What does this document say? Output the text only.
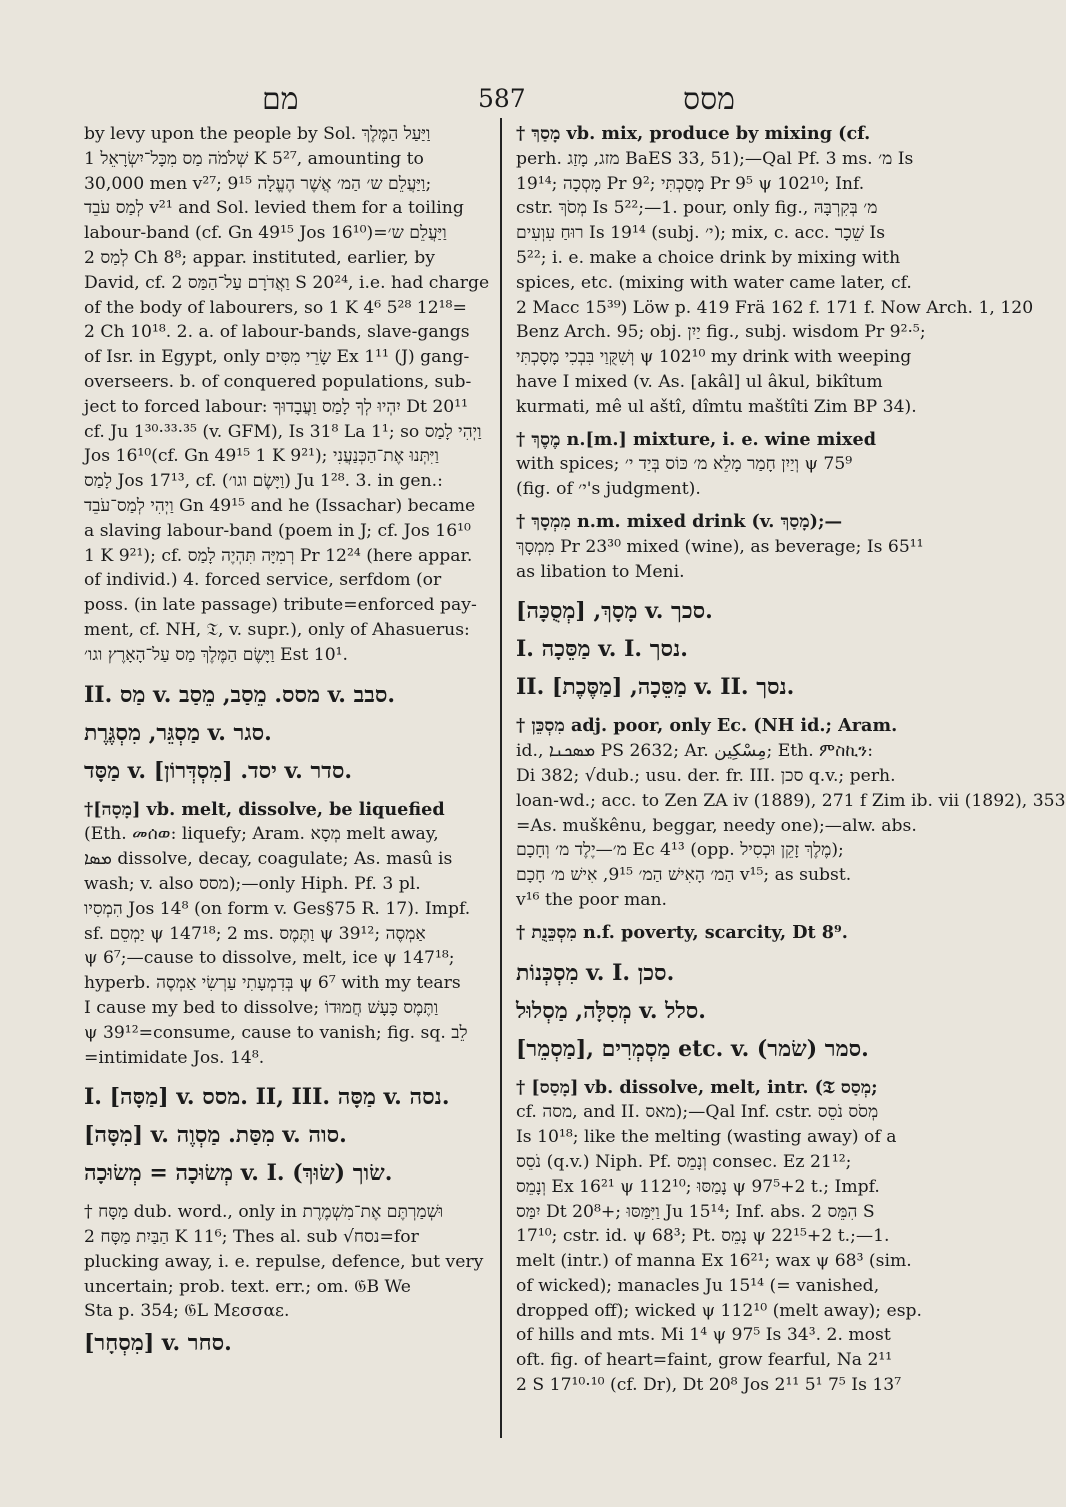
מם	587	מסס
by levy upon the people by Sol. וַיַּעַל הַמֶּלֶךְ
שְׁלֹמֹה מַס מִכָּל־יִשְׂרָאֵל 1 K 5²⁷, amounting to
30,000 men v²⁷; וַיַּעֲלֵם ש׳ הַמ׳ אֲשֶׁר הֶעֱלָה 9¹⁵;
לְמַס עֹבֵד v²¹ and Sol. levied them for a toiling
labour-band (cf. Gn 49¹⁵ Jos 16¹⁰)=וַיַּעֲלֵם ש׳
לְמַס 2 Ch 8⁸; appar. instituted, earlier, by
David, cf. וַאֲדֹרָם עַל־הַמַּס 2 S 20²⁴, i.e. had charge
of the body of labourers, so 1 K 4⁶ 5²⁸ 12¹⁸=
2 Ch 10¹⁸. 2. a. of labour-bands, slave-gangs
of Isr. in Egypt, only שָׂרֵי מִסִּים Ex 1¹¹ (J) gang-
overseers. b. of conquered populations, sub-
ject to forced labour: יִהְיוּ לְךָ לָמַס וַעֲבָדוּךָ Dt 20¹¹
cf. Ju 1³⁰·³³·³⁵ (v. GFM), Is 31⁸ La 1¹; so וַיְהִי לָמַס
Jos 16¹⁰(cf. Gn 49¹⁵ 1 K 9²¹); וַיִּתְּנוּ אֶת־הַכְּנַעֲנִי
לָמַס Jos 17¹³, cf. (וַיָּשֶׂם וגו׳) Ju 1²⁸. 3. in gen.:
וַיְהִי לְמַס־עֹבֵד Gn 49¹⁵ and he (Issachar) became
a slaving labour-band (poem in J; cf. Jos 16¹⁰
1 K 9²¹); cf. רְמִיָּה תִּהְיֶה לָמַס Pr 12²⁴ (here appar.
of individ.) 4. forced service, serfdom (or
poss. (in late passage) tribute=enforced pay-
ment, cf. NH, 𝔗, v. supr.), only of Ahasuerus:
וַיָּשֶׂם הַמֶּלֶךְ מַס עַל־הָאָרֶץ וגו׳ Est 10¹.
II. מַס v. מסס. מֵסַב, מֵסַב v. סבב.
מַסְגֵּר, מִסְגֶּרֶת v. סגר.
מַסָּד v. יסד. [מִסְדְּרוֹן] v. סדר.
†[מָסָה] vb. melt, dissolve, be liquefied
(Eth. መሰወ: liquefy; Aram. מְסָא melt away,
ܡܣܐ dissolve, decay, coagulate; As. masû is
wash; v. also מסס);—only Hiph. Pf. 3 pl.
הִמְסִיו Jos 14⁸ (on form v. Ges§75 R. 17). Impf.
sf. יַמְסֵם ψ 147¹⁸; 2 ms. וַתֶּמֶס ψ 39¹²; אַמְסֶה
ψ 6⁷;—cause to dissolve, melt, ice ψ 147¹⁸;
hyperb. בְּדִמְעָתִי עַרְשִׂי אַמְסֶה ψ 6⁷ with my tears
I cause my bed to dissolve; וַתֶּמֶס כָּעָשׁ חֲמוּדוֹ
ψ 39¹²=consume, cause to vanish; fig. sq. לֵב
=intimidate Jos. 14⁸.
I. [מַסָּה] v. מסס. II, III. מַסָּה v. נסה.
[מִסָּה] v. מִסַּת. מַסְוֶה v. סוה.
מְשׂוּכָה = מְשׂוּכָה v. I. שׂוך (שׂוּךְ).
† מַסָּח dub. word., only in וּשְׁמַרְתֶּם אֶת־מִשְׁמֶרֶת
הַבַּיִת מַסָּח 2 K 11⁶; Thes al. sub √נסח=for
plucking away, i. e. repulse, defence, but very
uncertain; prob. text. err.; om. 𝔊B We
Sta p. 354; 𝔊L Μεσσαε.
[מִסְחָר] v. סחר.
† מָסַךְ vb. mix, produce by mixing (cf.
perh. מזג, מָזַג BaES 33, 51);—Qal Pf. 3 ms. מ׳ Is
19¹⁴; מָסְכָה Pr 9²; מָסַכְתִּי Pr 9⁵ ψ 102¹⁰; Inf.
cstr. מְסֹךְ Is 5²²;—1. pour, only fig., מ׳ בְּקִרְבָּהּ
רוּחַ עִוְעִים Is 19¹⁴ (subj. י׳); mix, c. acc. שֵׁכָר Is
5²²; i. e. make a choice drink by mixing with
spices, etc. (mixing with water came later, cf.
2 Macc 15³⁹) Löw p. 419 Frä 162 f. 171 f. Now Arch. 1, 120
Benz Arch. 95; obj. יַיִן fig., subj. wisdom Pr 9²·⁵;
וְשִׁקֻּוַי בִּבְכִי מָסָכְתִּי ψ 102¹⁰ my drink with weeping
have I mixed (v. As. [akâl] ul âkul, bikîtum
kurmati, mê ul aštî, dîmtu maštîti Zim BP 34).
† מֶסֶךְ n.[m.] mixture, i. e. wine mixed
with spices; וְיַיִן חָמַר מָלֵא מ׳ כּוֹס בְּיַד י׳ ψ 75⁹
(fig. of י׳'s judgment).
† מִמְסָךְ n.m. mixed drink (v. מָסַךְ);—
מִמְסָךְ Pr 23³⁰ mixed (wine), as beverage; Is 65¹¹
as libation to Meni.
מָסָךְ, [מְסֻכָּה] v. סכך.
I. מַסֵּכָה v. I. נסך.
II. מַסֵּכָה, [מַסֶּכֶת] v. II. נסך.
† מִסְכֵּן adj. poor, only Ec. (NH id.; Aram.
id., ܡܣܟܢܐ PS 2632; Ar. مِسْكِين; Eth. ምስኪን:
Di 382; √dub.; usu. der. fr. III. סכן q.v.; perh.
loan-wd.; acc. to Zen ZA iv (1889), 271 f Zim ib. vii (1892), 353
=As. muškênu, beggar, needy one);—alw. abs.
מ׳—יֶלֶד מ׳ וְחָכָם Ec 4¹³ (opp. מֶלֶךְ זָקֵן וּכְסִיל);
הַמ׳ הָאִישׁ הַמ׳ 9¹⁵, אִישׁ מ׳ חָכָם v¹⁵; as subst.
v¹⁶ the poor man.
† מִסְכֵּנֻת n.f. poverty, scarcity, Dt 8⁹.
מִסְכְּנוֹת v. I. סכן.
מְסִלָּה, מַסְלוּל v. סלל.
[מַסְמֵר], מַסְמְרִים etc. v. סמר (שׂמר).
† [מָסַס] vb. dissolve, melt, intr. (𝔗 מְסַס;
cf. מסה, and II. מאס);—Qal Inf. cstr. מְסֹס נֹסֵס
Is 10¹⁸; like the melting (wasting away) of a
נֹסֵס (q.v.) Niph. Pf. וְנָמֵס consec. Ez 21¹²;
וְנָמֵס Ex 16²¹ ψ 112¹⁰; נָמַסּוּ ψ 97⁵+2 t.; Impf.
יִמַּס Dt 20⁸+; וַיִּמַּסּוּ Ju 15¹⁴; Inf. abs. הִמֵּס 2 S
17¹⁰; cstr. id. ψ 68³; Pt. נָמֵס ψ 22¹⁵+2 t.;—1.
melt (intr.) of manna Ex 16²¹; wax ψ 68³ (sim.
of wicked); manacles Ju 15¹⁴ (= vanished,
dropped off); wicked ψ 112¹⁰ (melt away); esp.
of hills and mts. Mi 1⁴ ψ 97⁵ Is 34³. 2. most
oft. fig. of heart=faint, grow fearful, Na 2¹¹
2 S 17¹⁰·¹⁰ (cf. Dr), Dt 20⁸ Jos 2¹¹ 5¹ 7⁵ Is 13⁷
